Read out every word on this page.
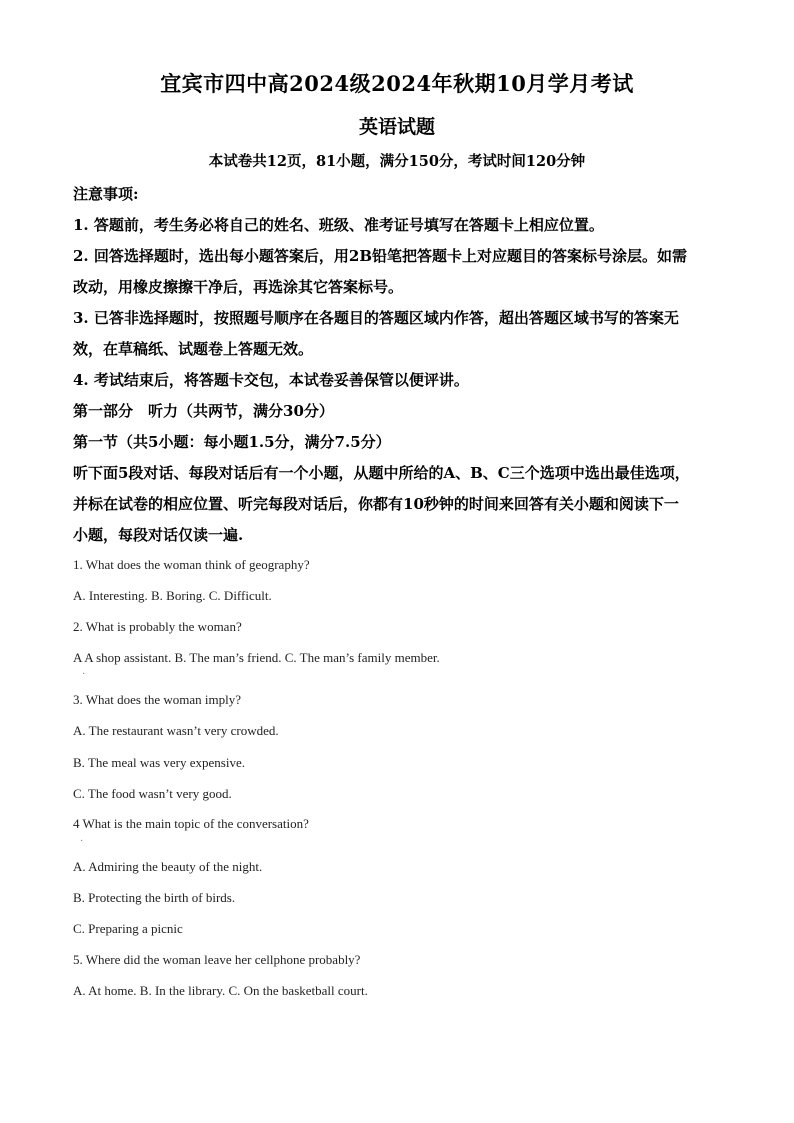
宜宾市四中高2024级2024年秋期10月学月考试
英语试题
本试卷共12页，81小题，满分150分，考试时间120分钟
注意事项:
1. 答题前，考生务必将自己的姓名、班级、准考证号填写在答题卡上相应位置。
2. 回答选择题时，选出每小题答案后，用2B铅笔把答题卡上对应题目的答案标号涂层。如需
改动，用橡皮擦擦干净后，再选涂其它答案标号。
3. 已答非选择题时，按照题号顺序在各题目的答题区域内作答，超出答题区域书写的答案无
效，在草稿纸、试题卷上答题无效。
4. 考试结束后，将答题卡交包，本试卷妥善保管以便评讲。
第一部分　听力（共两节，满分30分）
第一节（共5小题：每小题1.5分，满分7.5分）
听下面5段对话、每段对话后有一个小题，从题中所给的A、B、C三个选项中选出最佳选项，
并标在试卷的相应位置、听完每段对话后，你都有10秒钟的时间来回答有关小题和阅读下一
小题，每段对话仅读一遍.
1. What does the woman think of geography?
A. Interesting. B. Boring. C. Difficult.
2. What is probably the woman?
A A shop assistant. B. The man’s friend. C. The man’s family member.
·
3. What does the woman imply?
A. The restaurant wasn’t very crowded.
B. The meal was very expensive.
C. The food wasn’t very good.
4 What is the main topic of the conversation?
·
A. Admiring the beauty of the night.
B. Protecting the birth of birds.
C. Preparing a picnic
5. Where did the woman leave her cellphone probably?
A. At home. B. In the library. C. On the basketball court.
